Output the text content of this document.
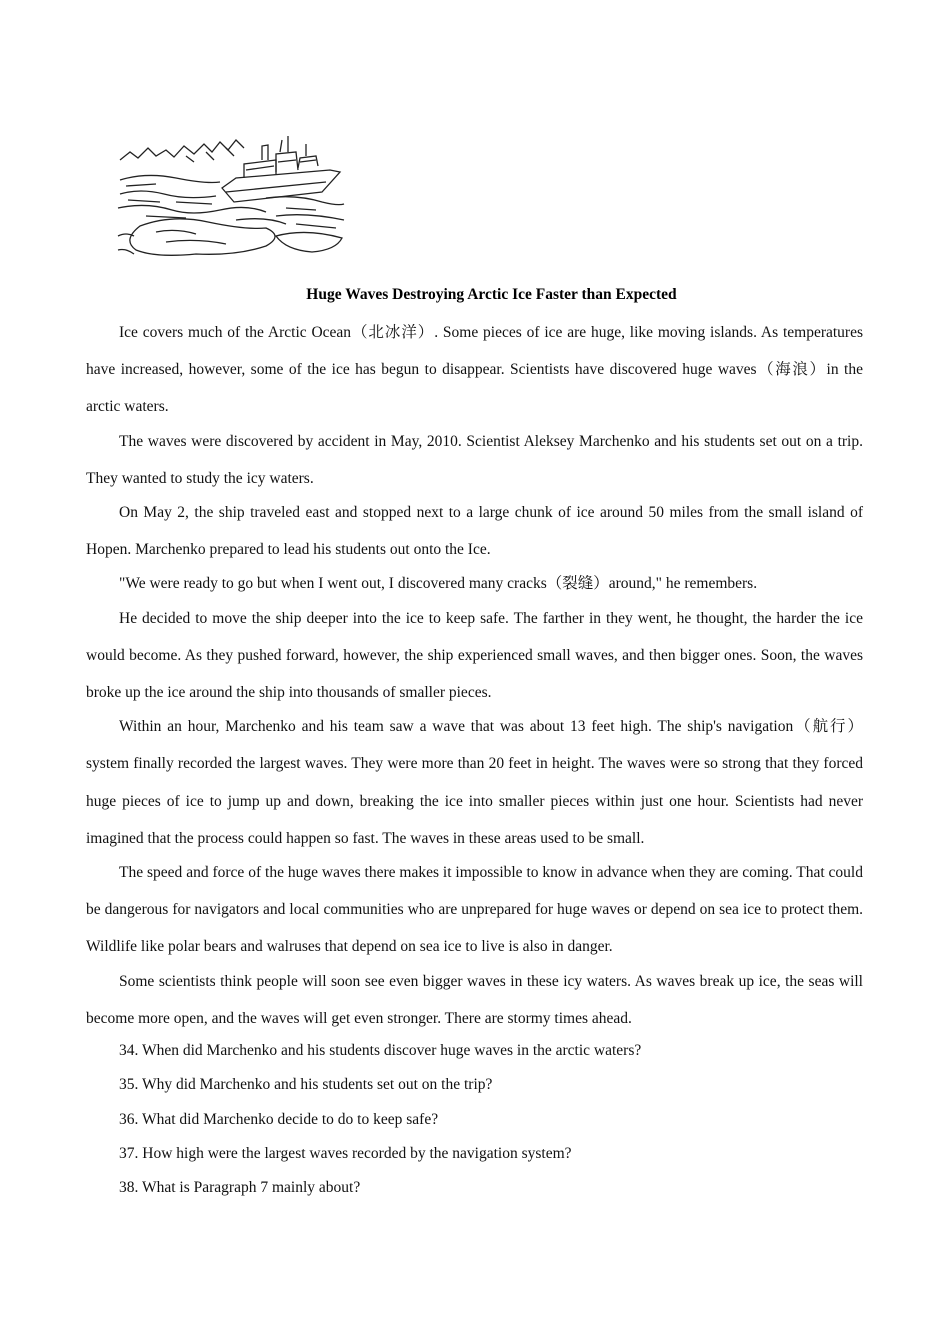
Huge Waves Destroying Arctic Ice Faster than Expected

Ice covers much of the Arctic Ocean（北冰洋）. Some pieces of ice are huge, like moving islands. As temperatures have increased, however, some of the ice has begun to disappear. Scientists have discovered huge waves（海浪）in the arctic waters.

The waves were discovered by accident in May, 2010. Scientist Aleksey Marchenko and his students set out on a trip. They wanted to study the icy waters.

On May 2, the ship traveled east and stopped next to a large chunk of ice around 50 miles from the small island of Hopen. Marchenko prepared to lead his students out onto the Ice.

"We were ready to go but when I went out, I discovered many cracks（裂缝）around," he remembers.

He decided to move the ship deeper into the ice to keep safe. The farther in they went, he thought, the harder the ice would become. As they pushed forward, however, the ship experienced small waves, and then bigger ones. Soon, the waves broke up the ice around the ship into thousands of smaller pieces.

Within an hour, Marchenko and his team saw a wave that was about 13 feet high. The ship's navigation（航行）system finally recorded the largest waves. They were more than 20 feet in height. The waves were so strong that they forced huge pieces of ice to jump up and down, breaking the ice into smaller pieces within just one hour. Scientists had never imagined that the process could happen so fast. The waves in these areas used to be small.

The speed and force of the huge waves there makes it impossible to know in advance when they are coming. That could be dangerous for navigators and local communities who are unprepared for huge waves or depend on sea ice to protect them. Wildlife like polar bears and walruses that depend on sea ice to live is also in danger.

Some scientists think people will soon see even bigger waves in these icy waters. As waves break up ice, the seas will become more open, and the waves will get even stronger. There are stormy times ahead.

34. When did Marchenko and his students discover huge waves in the arctic waters?

35. Why did Marchenko and his students set out on the trip?

36. What did Marchenko decide to do to keep safe?

37. How high were the largest waves recorded by the navigation system?

38. What is Paragraph 7 mainly about?
